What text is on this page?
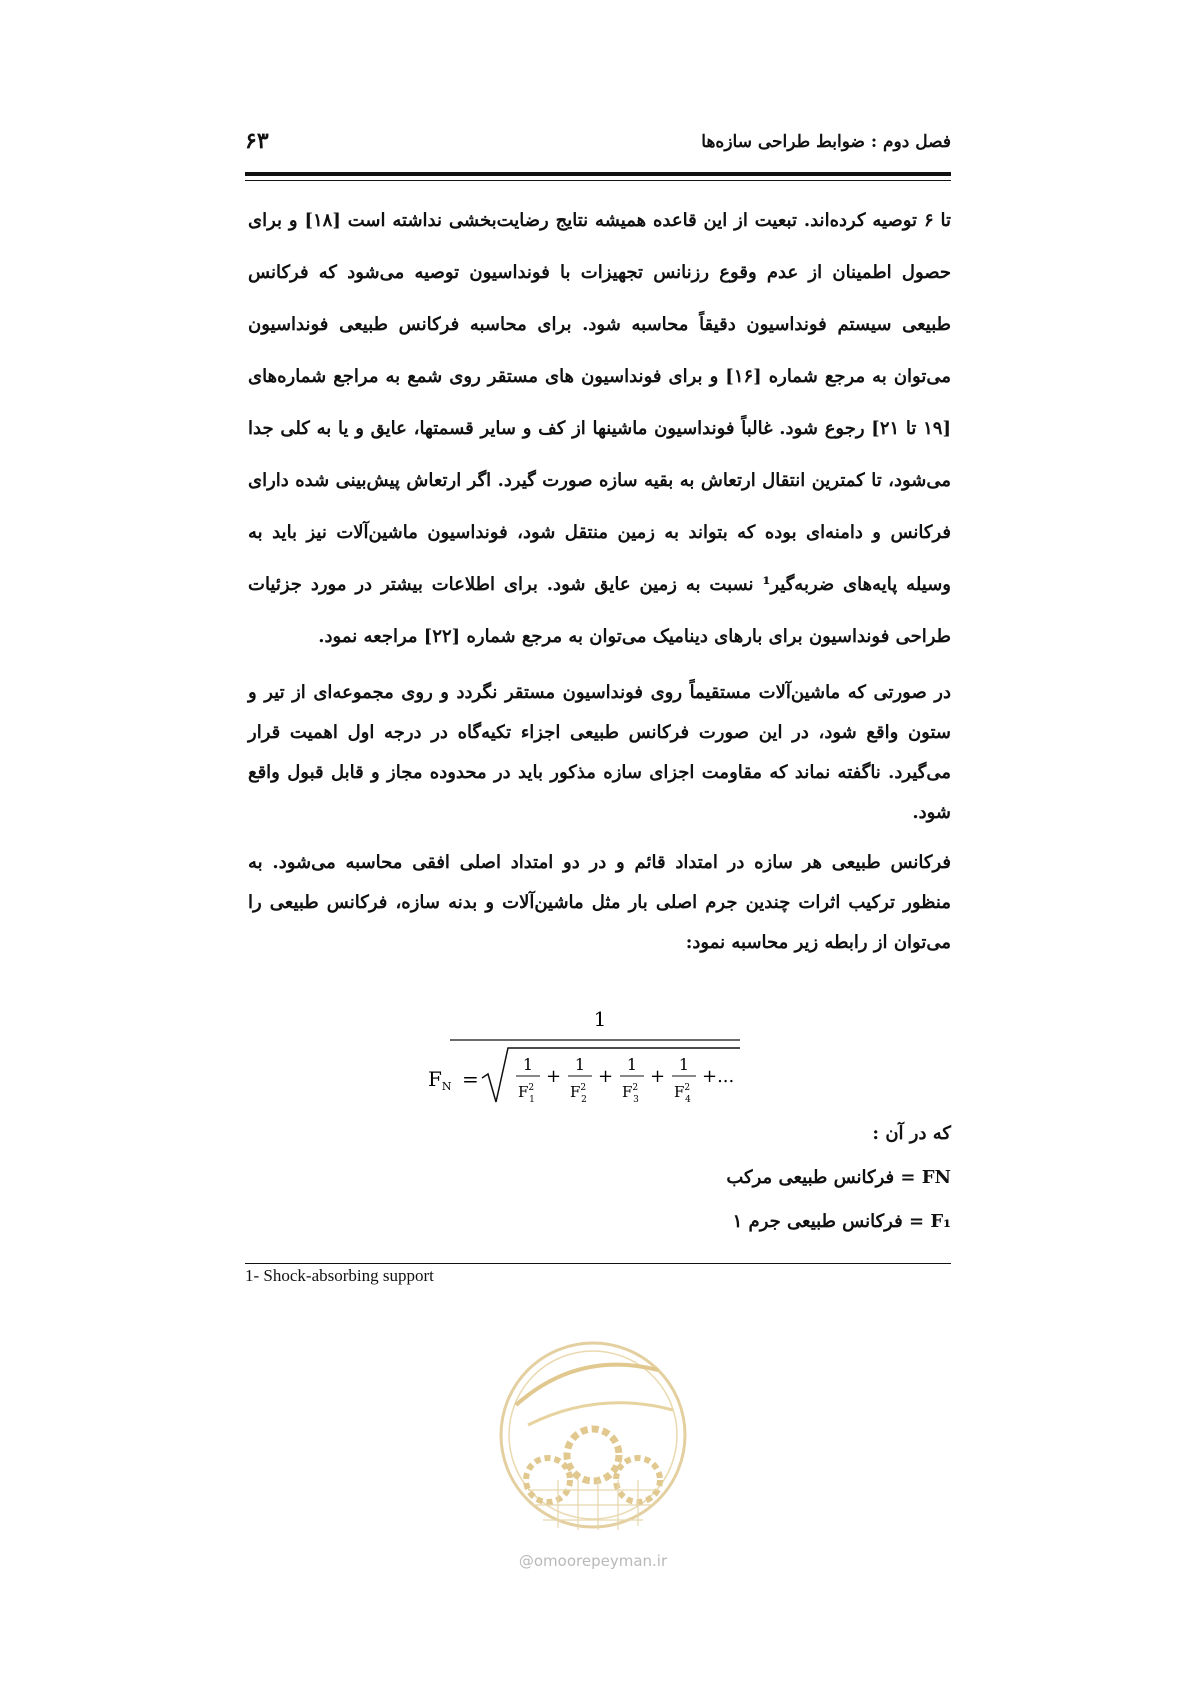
فصل دوم : ضوابط طراحی سازه‌ها
۶۳

تا ۶ توصیه کرده‌اند. تبعیت از این قاعده همیشه نتایج رضایت‌بخشی نداشته است [۱۸] و برای حصول اطمینان از عدم وقوع رزنانس تجهیزات با فونداسیون توصیه می‌شود که فرکانس طبیعی سیستم فونداسیون دقیقاً محاسبه شود. برای محاسبه فرکانس طبیعی فونداسیون می‌توان به مرجع شماره [۱۶] و برای فونداسیون های مستقر روی شمع به مراجع شماره‌های [۱۹ تا ۲۱] رجوع شود. غالباً فونداسیون ماشینها از کف و سایر قسمتها، عایق و یا به کلی جدا می‌شود، تا کمترین انتقال ارتعاش به بقیه سازه صورت گیرد. اگر ارتعاش پیش‌بینی شده دارای فرکانس و دامنه‌ای بوده که بتواند به زمین منتقل شود، فونداسیون ماشین‌آلات نیز باید به وسیله پایه‌های ضربه‌گیر¹ نسبت به زمین عایق شود. برای اطلاعات بیشتر در مورد جزئیات طراحی فونداسیون برای بارهای دینامیک می‌توان به مرجع شماره [۲۲] مراجعه نمود.

در صورتی که ماشین‌آلات مستقیماً روی فونداسیون مستقر نگردد و روی مجموعه‌ای از تیر و ستون واقع شود، در این صورت فرکانس طبیعی اجزاء تکیه‌گاه در درجه اول اهمیت قرار می‌گیرد. ناگفته نماند که مقاومت اجزای سازه مذکور باید در محدوده مجاز و قابل قبول واقع شود.

فرکانس طبیعی هر سازه در امتداد قائم و در دو امتداد اصلی افقی محاسبه می‌شود. به منظور ترکیب اثرات چندین جرم اصلی بار مثل ماشین‌آلات و بدنه سازه، فرکانس طبیعی را می‌توان از رابطه زیر محاسبه نمود:

1
$F_N$ =
1
$F^2$ 1
+
1
$F^2$ 2
+
1
$F^2$ 3
+
1
$F^2$ 4
+...
که در آن :
FN = فرکانس طبیعی مرکب
F₁ = فرکانس طبیعی جرم ۱
1- Shock-absorbing support
@omoorepeyman.ir
